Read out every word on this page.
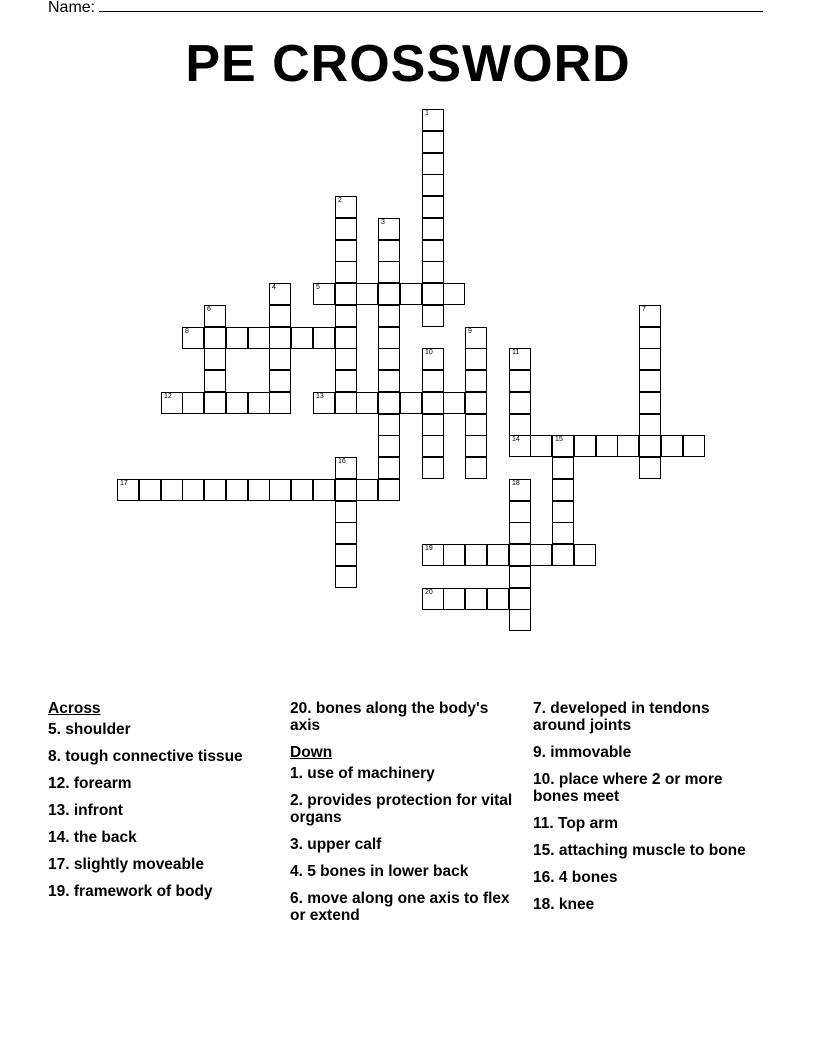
Name:
PE CROSSWORD
1
2
3
4	5
6	7
8	9
10	11
14
12	13
15
16
17	18
19
20
Across
5. shoulder
8. tough connective tissue
12. forearm
13. infront
14. the back
17. slightly moveable
19. framework of body
20. bones along the body's axis
Down
1. use of machinery
2. provides protection for vital organs
3. upper calf
4. 5 bones in lower back
6. move along one axis to flex or extend
7. developed in tendons around joints
9. immovable
10. place where 2 or more bones meet
11. Top arm
15. attaching muscle to bone
16. 4 bones
18. knee
